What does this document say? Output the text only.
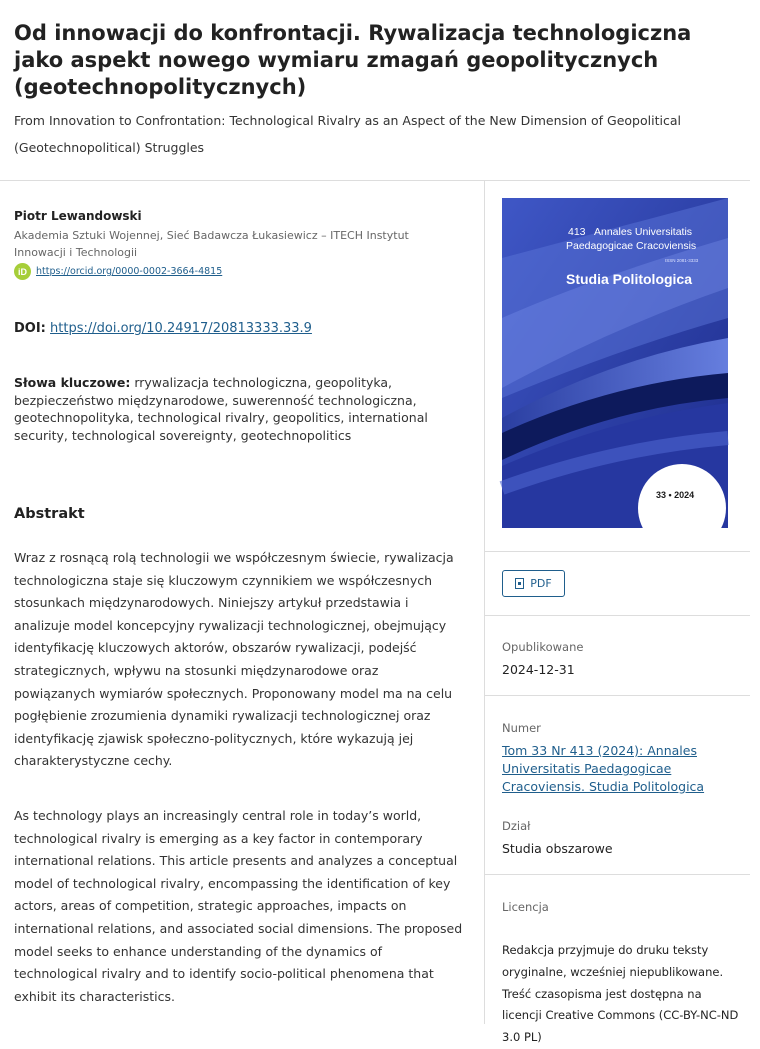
Od innowacji do konfrontacji. Rywalizacja technologiczna jako aspekt nowego wymiaru zmagań geopolitycznych (geotechnopolitycznych)

From Innovation to Confrontation: Technological Rivalry as an Aspect of the New Dimension of Geopolitical (Geotechnopolitical) Struggles

Piotr Lewandowski
Akademia Sztuki Wojennej, Sieć Badawcza Łukasiewicz – ITECH Instytut Innowacji i Technologii
iD https://orcid.org/0000-0002-3664-4815
DOI: https://doi.org/10.24917/20813333.33.9
Słowa kluczowe: rrywalizacja technologiczna, geopolityka, bezpieczeństwo międzynarodowe, suwerenność technologiczna, geotechnopolityka, technological rivalry, geopolitics, international security, technological sovereignty, geotechnopolitics
Abstrakt

Wraz z rosnącą rolą technologii we współczesnym świecie, rywalizacja technologiczna staje się kluczowym czynnikiem we współczesnych stosunkach międzynarodowych. Niniejszy artykuł przedstawia i analizuje model koncepcyjny rywalizacji technologicznej, obejmujący identyfikację kluczowych aktorów, obszarów rywalizacji, podejść strategicznych, wpływu na stosunki międzynarodowe oraz powiązanych wymiarów społecznych. Proponowany model ma na celu pogłębienie zrozumienia dynamiki rywalizacji technologicznej oraz identyfikację zjawisk społeczno-politycznych, które wykazują jej charakterystyczne cechy.

As technology plays an increasingly central role in today’s world, technological rivalry is emerging as a key factor in contemporary international relations. This article presents and analyzes a conceptual model of technological rivalry, encompassing the identification of key actors, areas of competition, strategic approaches, impacts on international relations, and associated social dimensions. The proposed model seeks to enhance understanding of the dynamics of technological rivalry and to identify socio-political phenomena that exhibit its characteristics.

413 Annales Universitatis
Paedagogicae Cracoviensis
ISSN 2081-3333
Studia Politologica
33 • 2024
PDF
Opublikowane
2024-12-31
Numer
Tom 33 Nr 413 (2024): Annales Universitatis Paedagogicae Cracoviensis. Studia Politologica
Dział
Studia obszarowe
Licencja

Redakcja przyjmuje do druku teksty oryginalne, wcześniej niepublikowane. Treść czasopisma jest dostępna na licencji Creative Commons (CC-BY-NC-ND 3.0 PL)
